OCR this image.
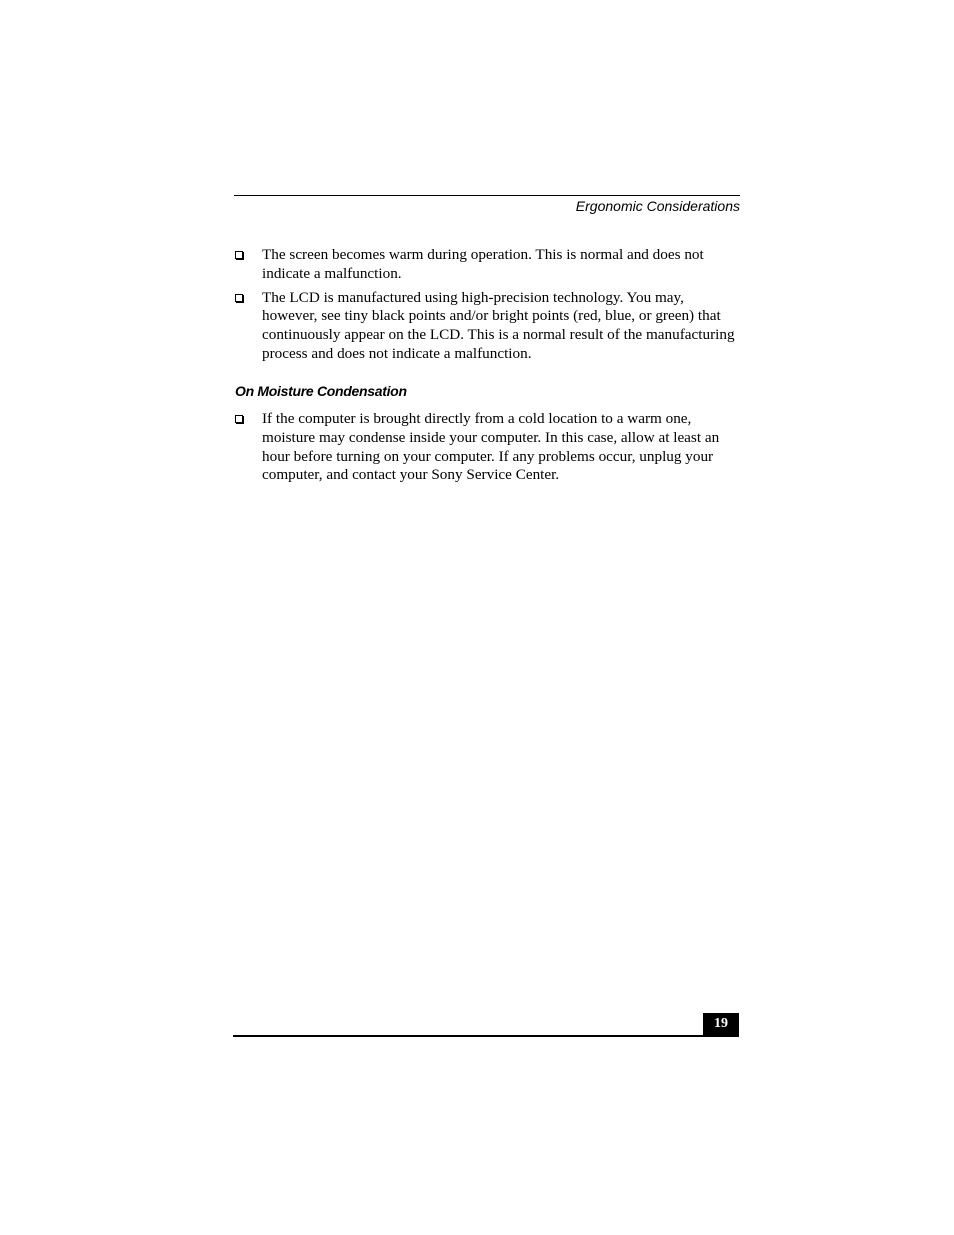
Ergonomic Considerations
The screen becomes warm during operation. This is normal and does not indicate a malfunction.
The LCD is manufactured using high-precision technology. You may, however, see tiny black points and/or bright points (red, blue, or green) that continuously appear on the LCD. This is a normal result of the manufacturing process and does not indicate a malfunction.
On Moisture Condensation
If the computer is brought directly from a cold location to a warm one, moisture may condense inside your computer. In this case, allow at least an hour before turning on your computer. If any problems occur, unplug your computer, and contact your Sony Service Center.
19
